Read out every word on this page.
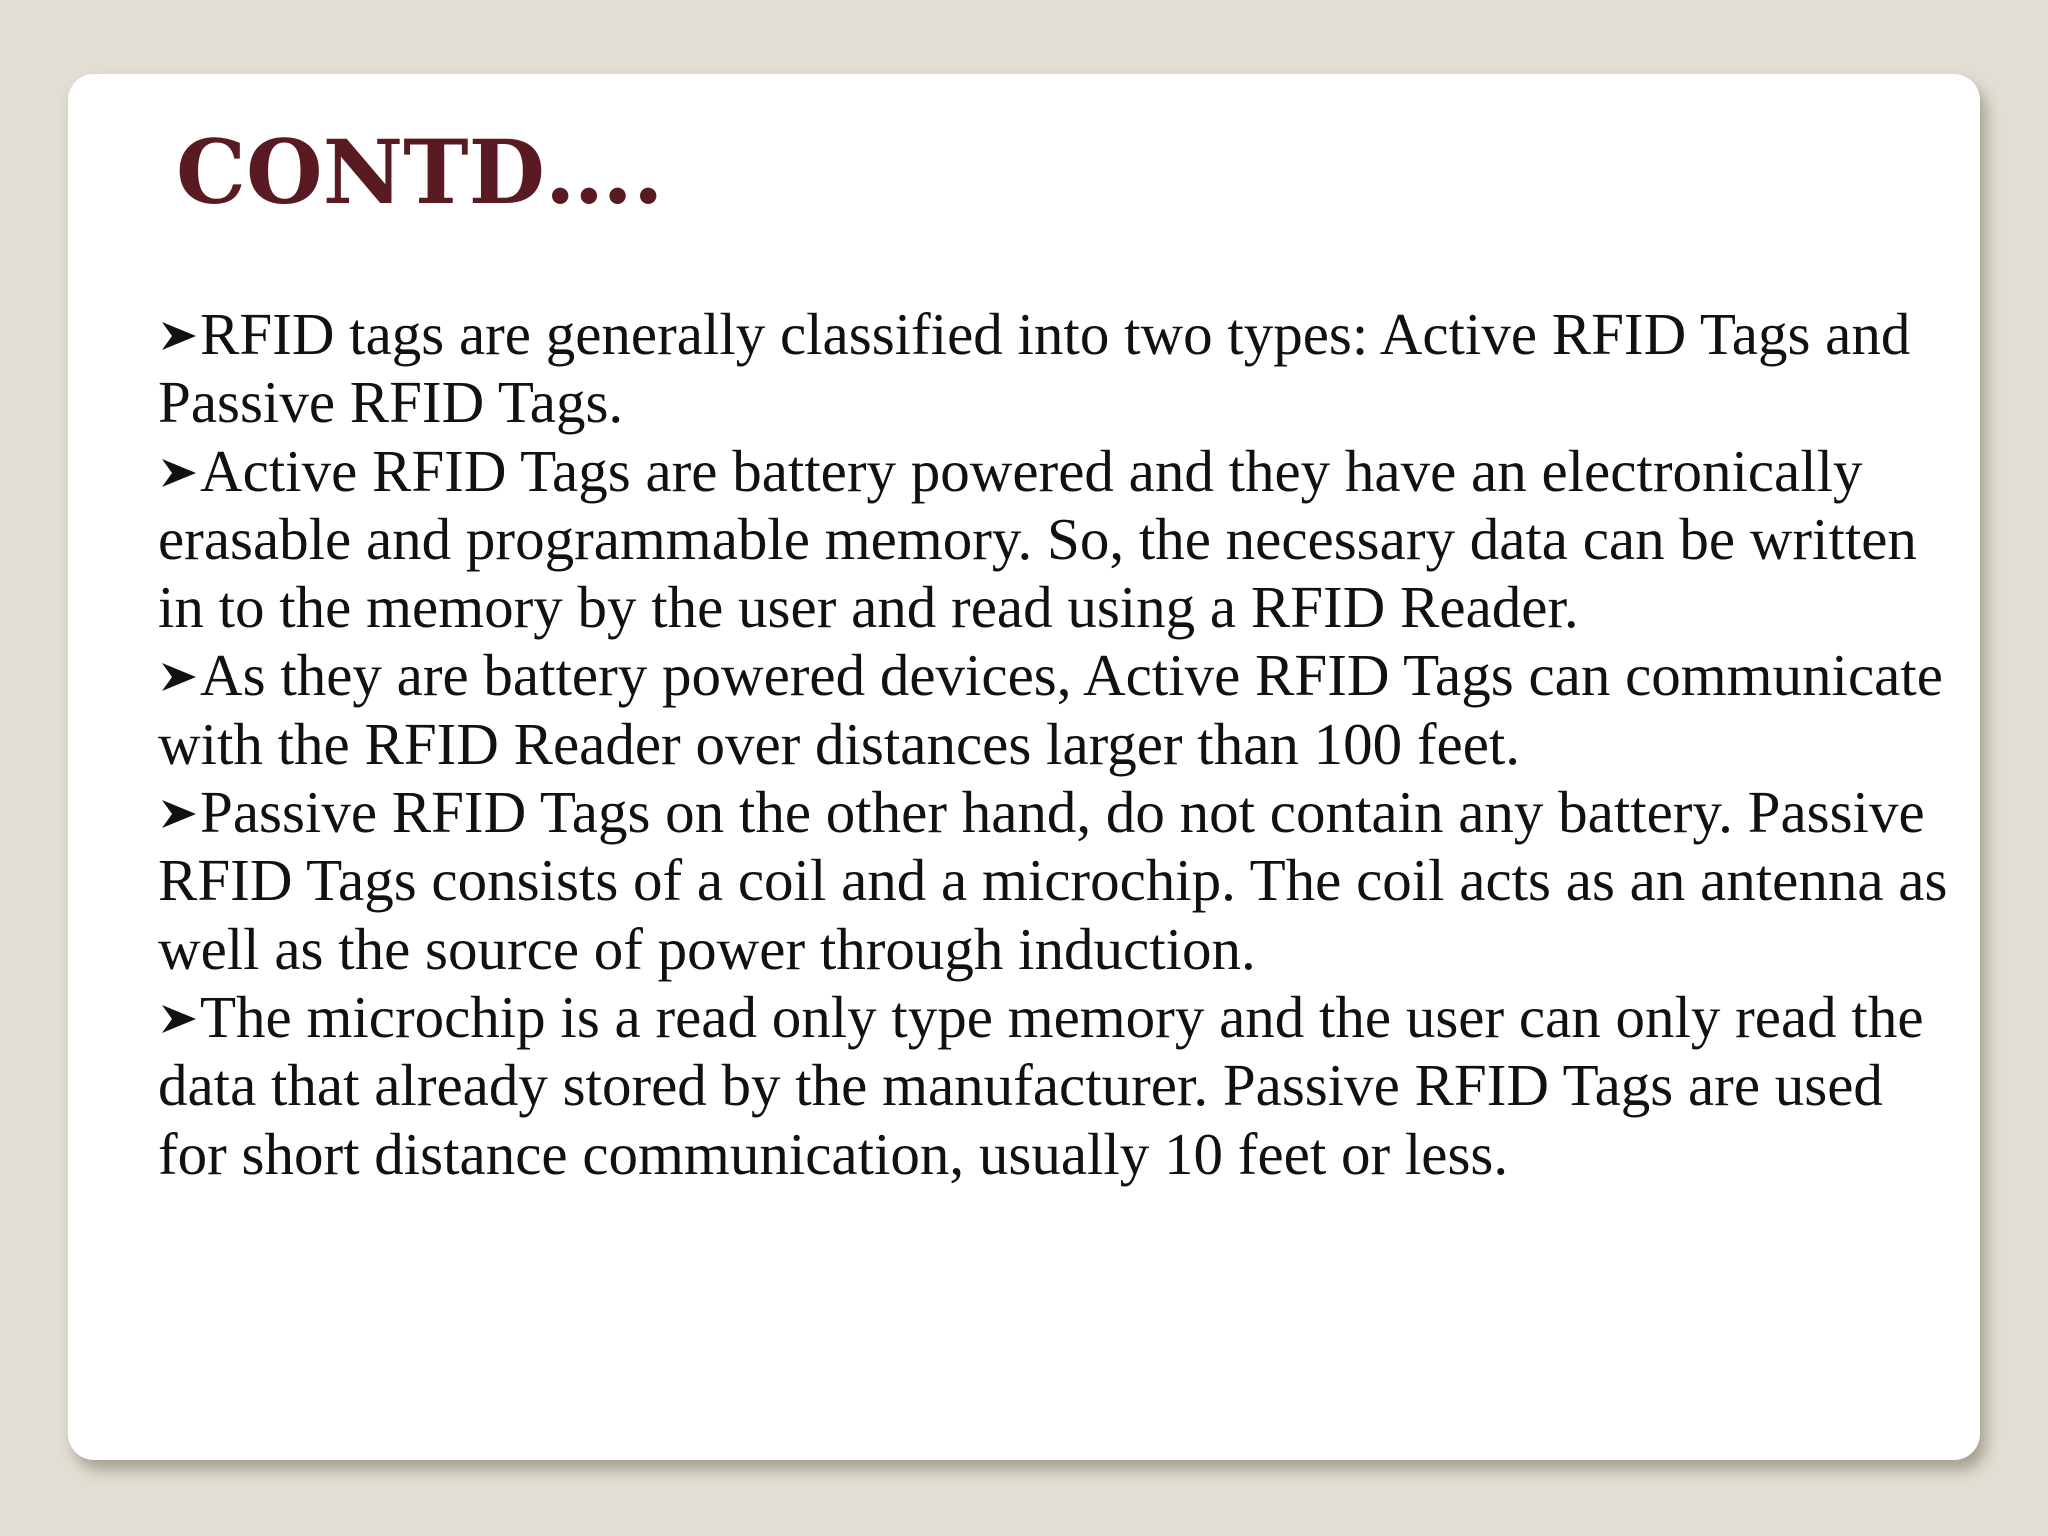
CONTD….

RFID tags are generally classified into two types: Active RFID Tags and Passive RFID Tags.

Active RFID Tags are battery powered and they have an electronically erasable and programmable memory. So, the necessary data can be written in to the memory by the user and read using a RFID Reader.

As they are battery powered devices, Active RFID Tags can communicate with the RFID Reader over distances larger than 100 feet.

Passive RFID Tags on the other hand, do not contain any battery. Passive RFID Tags consists of a coil and a microchip. The coil acts as an antenna as well as the source of power through induction.

The microchip is a read only type memory and the user can only read the data that already stored by the manufacturer. Passive RFID Tags are used for short distance communication, usually 10 feet or less.
